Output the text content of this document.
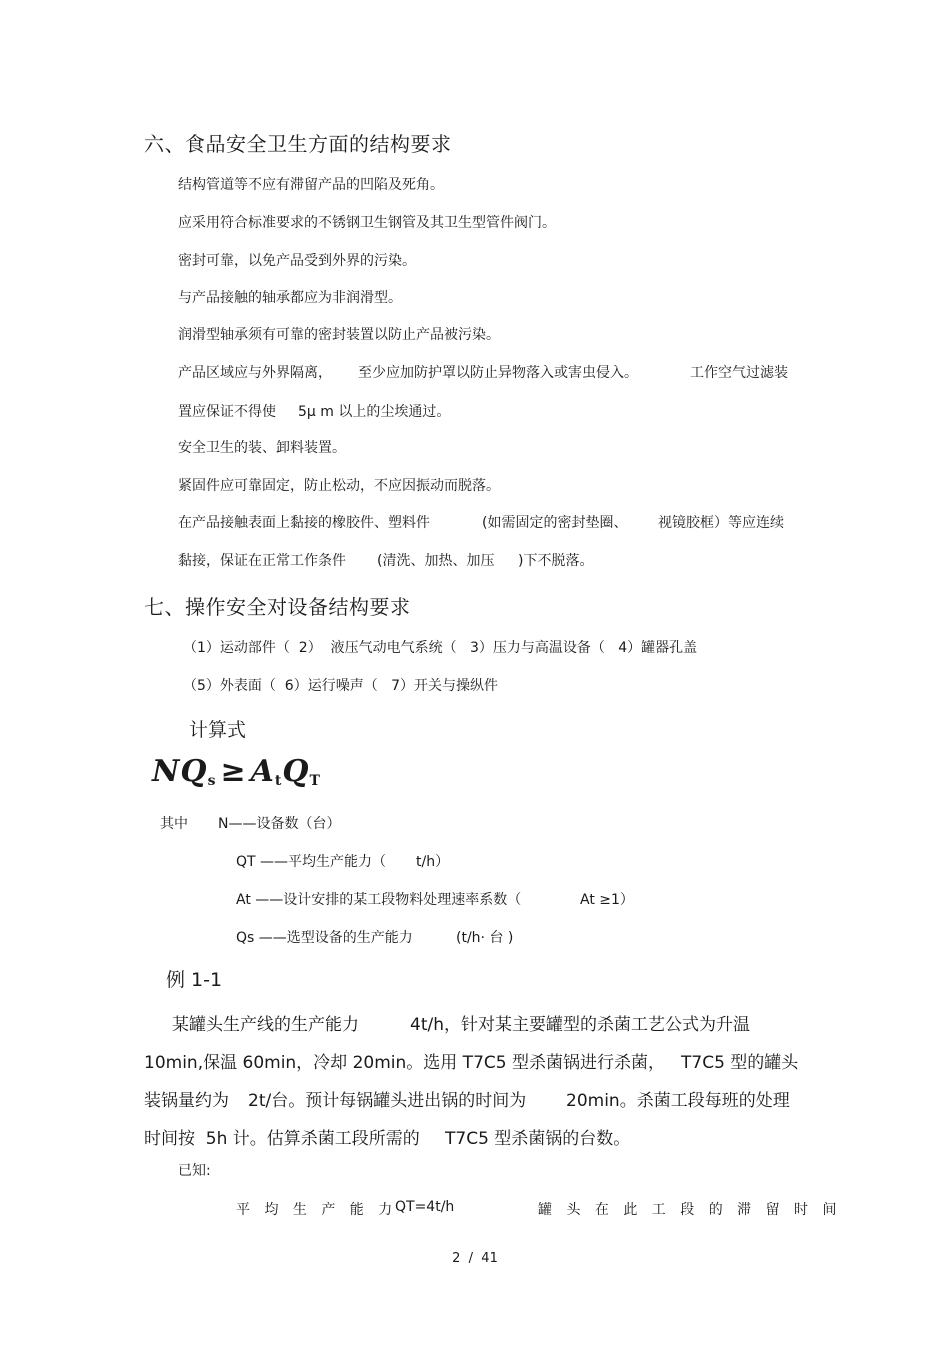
六、食品安全卫生方面的结构要求
结构管道等不应有滞留产品的凹陷及死角。
应采用符合标准要求的不锈钢卫生钢管及其卫生型管件阀门。
密封可靠，以免产品受到外界的污染。
与产品接触的轴承都应为非润滑型。
润滑型轴承须有可靠的密封装置以防止产品被污染。
产品区域应与外界隔离， 至少应加防护罩以防止异物落入或害虫侵入。	工作空气过滤装
置应保证不得使 5μ m 以上的尘埃通过。
安全卫生的装、卸料装置。
紧固件应可靠固定，防止松动，不应因振动而脱落。
在产品接触表面上黏接的橡胶件、塑料件	(如需固定的密封垫圈、 视镜胶框）等应连续
黏接，保证在正常工作条件 (清洗、加热、加压 )下不脱落。
七、操作安全对设备结构要求
（1）运动部件（  2）  液压气动电气系统（   3）压力与高温设备（   4）罐器孔盖
（5）外表面（  6）运行噪声（   7）开关与操纵件
计算式
$NQ_s \ge A_tQ_T$
其中 N——设备数（台）
QT ——平均生产能力（ t/h）
At ——设计安排的某工段物料处理速率系数（	At ≥1）
Qs ——选型设备的生产能力	(t/h· 台 )
例 1-1
某罐头生产线的生产能力	4t/h，针对某主要罐型的杀菌工艺公式为升温
10min,保温 60min，冷却 20min。选用 T7C5 型杀菌锅进行杀菌， T7C5 型的罐头
装锅量约为 2t/台。预计每锅罐头进出锅的时间为 20min。杀菌工段每班的处理
时间按  5h 计。估算杀菌工段所需的 T7C5 型杀菌锅的台数。
已知:
平 均 生 产 能 力
QT=4t/h	罐 头 在 此 工 段 的 滞 留 时 间
2  /  41
